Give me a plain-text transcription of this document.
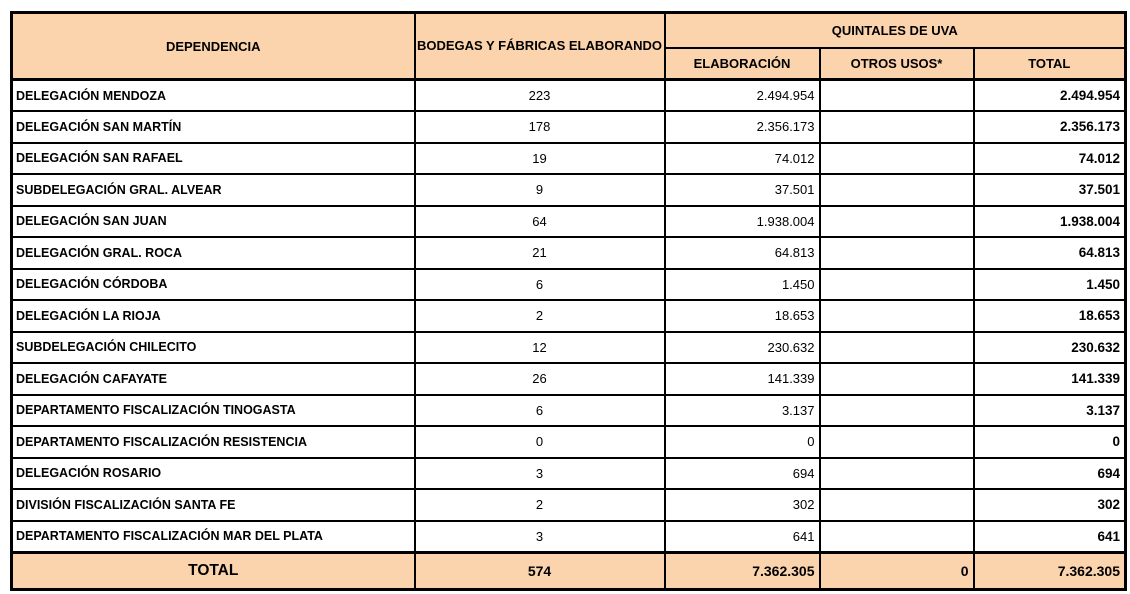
DEPENDENCIA	BODEGAS Y FÁBRICAS ELABORANDO	QUINTALES DE UVA		
		ELABORACIÓN	OTROS USOS*	TOTAL
DELEGACIÓN MENDOZA	223	2.494.954		2.494.954
DELEGACIÓN SAN MARTÍN	178	2.356.173		2.356.173
DELEGACIÓN SAN RAFAEL	19	74.012		74.012
SUBDELEGACIÓN GRAL. ALVEAR	9	37.501		37.501
DELEGACIÓN SAN JUAN	64	1.938.004		1.938.004
DELEGACIÓN GRAL. ROCA	21	64.813		64.813
DELEGACIÓN CÓRDOBA	6	1.450		1.450
DELEGACIÓN LA RIOJA	2	18.653		18.653
SUBDELEGACIÓN CHILECITO	12	230.632		230.632
DELEGACIÓN CAFAYATE	26	141.339		141.339
DEPARTAMENTO FISCALIZACIÓN TINOGASTA	6	3.137		3.137
DEPARTAMENTO FISCALIZACIÓN RESISTENCIA	0	0		0
DELEGACIÓN ROSARIO	3	694		694
DIVISIÓN FISCALIZACIÓN SANTA FE	2	302		302
DEPARTAMENTO FISCALIZACIÓN MAR DEL PLATA	3	641		641
TOTAL	574	7.362.305	0	7.362.305
